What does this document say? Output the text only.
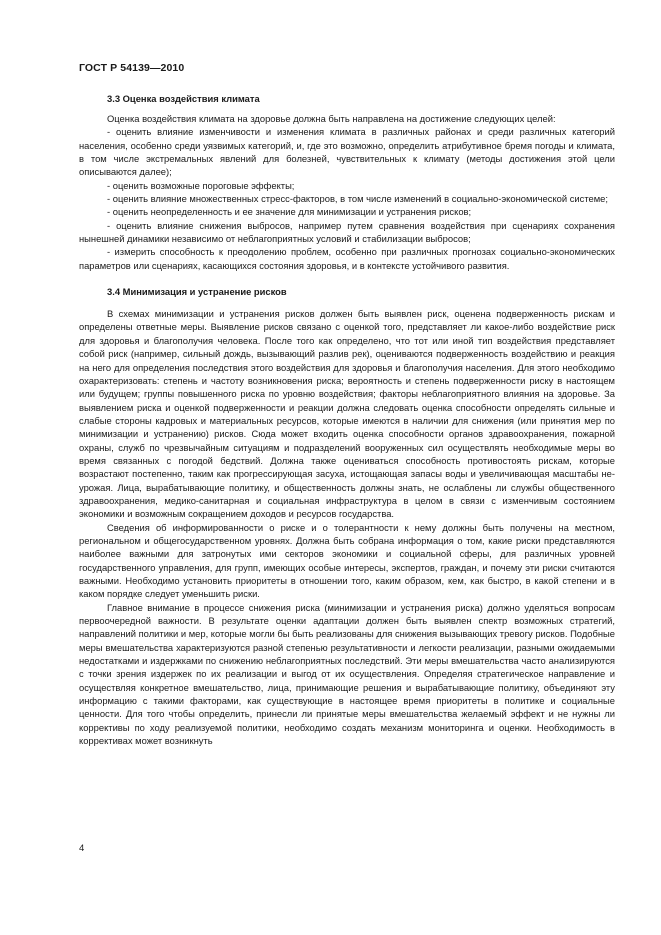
ГОСТ Р 54139—2010
3.3 Оценка воздействия климата

Оценка воздействия климата на здоровье должна быть направлена на достижение следующих целей:

- оценить влияние изменчивости и изменения климата в различных районах и среди различных категорий населения, особенно среди уязвимых категорий, и, где это возможно, определить атрибутивное бремя погоды и климата, в том числе экстремальных явлений для болезней, чувствительных к климату (методы достижения этой цели описываются далее);

- оценить возможные пороговые эффекты;

- оценить влияние множественных стресс-факторов, в том числе изменений в социально-экономической системе;

- оценить неопределенность и ее значение для минимизации и устранения рисков;

- оценить влияние снижения выбросов, например путем сравнения воздействия при сценариях сохранения нынешней динамики независимо от неблагоприятных условий и стабилизации выбросов;

- измерить способность к преодолению проблем, особенно при различных прогнозах социально-экономических параметров или сценариях, касающихся состояния здоровья, и в контексте устойчивого развития.

3.4 Минимизация и устранение рисков

В схемах минимизации и устранения рисков должен быть выявлен риск, оценена подверженность рискам и определены ответные меры. Выявление рисков связано с оценкой того, представляет ли какое-либо воздействие риск для здоровья и благополучия человека. После того как определено, что тот или иной тип воздействия представляет собой риск (например, сильный дождь, вызывающий разлив рек), оцениваются подверженность воздействию и реакция на него для определения последствия этого воздействия для здоровья и благополучия населения. Для этого необходимо охарактеризовать: степень и частоту возникновения риска; вероятность и степень подверженности риску в настоящем или будущем; группы повышенного риска по уровню воздействия; факторы неблагоприятного влияния на здоровье. За выявлением риска и оценкой подверженности и реакции должна следовать оценка способности определять сильные и слабые стороны кадровых и материальных ресурсов, которые имеются в наличии для снижения (или принятия мер по минимизации и устранению) рисков. Сюда может входить оценка способности органов здравоохранения, пожарной охраны, служб по чрезвычайным ситуациям и подразделений вооруженных сил осуществлять необходимые меры во время связанных с погодой бедствий. Должна также оцениваться способность противостоять рискам, которые возрастают постепенно, таким как прогрессирующая засуха, истощающая запасы воды и увеличивающая масштабы неурожая. Лица, вырабатывающие политику, и общественность должны знать, не ослаблены ли службы общественного здравоохранения, медико-санитарная и социальная инфраструктура в целом в связи с изменчивым состоянием экономики и возможным сокращением доходов и ресурсов государства.

Сведения об информированности о риске и о толерантности к нему должны быть получены на местном, региональном и общегосударственном уровнях. Должна быть собрана информация о том, какие риски представляются наиболее важными для затронутых ими секторов экономики и социальной сферы, для различных уровней государственного управления, для групп, имеющих особые интересы, экспертов, граждан, и почему эти риски считаются важными. Необходимо установить приоритеты в отношении того, каким образом, кем, как быстро, в какой степени и в каком порядке следует уменьшить риски.

Главное внимание в процессе снижения риска (минимизации и устранения риска) должно уделяться вопросам первоочередной важности. В результате оценки адаптации должен быть выявлен спектр возможных стратегий, направлений политики и мер, которые могли бы быть реализованы для снижения вызывающих тревогу рисков. Подобные меры вмешательства характеризуются разной степенью результативности и легкости реализации, разными ожидаемыми недостатками и издержками по снижению неблагоприятных последствий. Эти меры вмешательства часто анализируются с точки зрения издержек по их реализации и выгод от их осуществления. Определяя стратегическое направление и осуществляя конкретное вмешательство, лица, принимающие решения и вырабатывающие политику, объединяют эту информацию с такими факторами, как существующие в настоящее время приоритеты в политике и социальные ценности. Для того чтобы определить, принесли ли принятые меры вмешательства желаемый эффект и не нужны ли коррективы по ходу реализуемой политики, необходимо создать механизм мониторинга и оценки. Необходимость в коррективах может возникнуть

4
